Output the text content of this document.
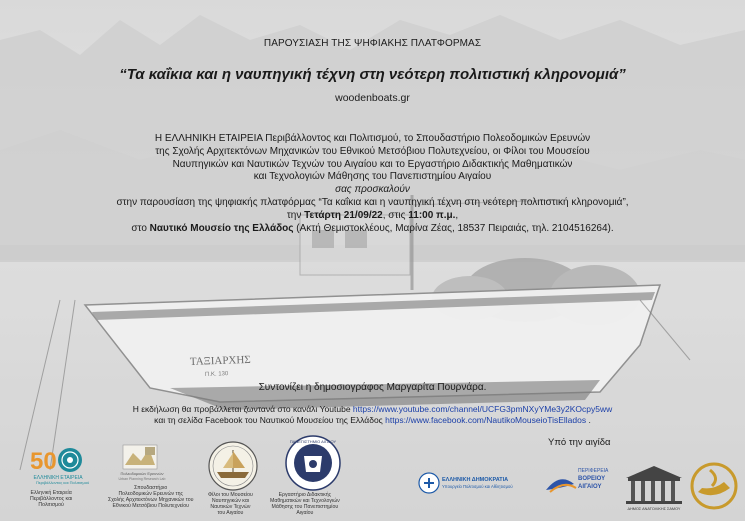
ΤΑΞΙΑΡΧΗΣ
Π.Κ. 130
ΠΑΡΟΥΣΙΑΣΗ ΤΗΣ ΨΗΦΙΑΚΗΣ ΠΛΑΤΦΟΡΜΑΣ
“Τα καΐκια και η ναυπηγική τέχνη στη νεότερη πολιτιστική κληρονομιά”
woodenboats.gr
Η ΕΛΛΗΝΙΚΗ ΕΤΑΙΡΕΙΑ Περιβάλλοντος και Πολιτισμού, το Σπουδαστήριο Πολεοδομικών Ερευνών
της Σχολής Αρχιτεκτόνων Μηχανικών του Εθνικού Μετσόβιου Πολυτεχνείου, οι Φίλοι του Μουσείου
Ναυπηγικών και Ναυτικών Τεχνών του Αιγαίου και το Εργαστήριο Διδακτικής Μαθηματικών
και Τεχνολογιών Μάθησης του Πανεπιστημίου Αιγαίου
σας προσκαλούν
στην παρουσίαση της ψηφιακής πλατφόρμας “Τα καΐκια και η ναυπηγική τέχνη στη νεότερη πολιτιστική κληρονομιά”,
την Τετάρτη 21/09/22, στις 11:00 π.μ.,
στο Ναυτικό Μουσείο της Ελλάδος (Ακτή Θεμιστοκλέους, Μαρίνα Ζέας, 18537 Πειραιάς, τηλ. 2104516264).
Συντονίζει η δημοσιογράφος Μαργαρίτα Πουρνάρα.
Η εκδήλωση θα προβάλλεται ζωντανά στο κανάλι Youtube https://www.youtube.com/channel/UCFG3pmNXyYMe3y2KOcpy5ww
και τη σελίδα Facebook του Ναυτικού Μουσείου της Ελλάδος https://www.facebook.com/NautikoMouseioTisEllados .
Υπό την αιγίδα
50
ΕΛΛΗΝΙΚΗ ΕΤΑΙΡΕΙΑ
Περιβάλλοντος και Πολιτισμού
Ελληνική Εταιρεία
Περιβάλλοντος και
Πολιτισμού
Πολεοδομικών Ερευνών
Urban Planning Research Lab
Σπουδαστήριο
Πολεοδομικών Ερευνών της
Σχολής Αρχιτεκτόνων Μηχανικών του
Εθνικού Μετσόβιου Πολυτεχνείου
Φίλοι του Μουσείου
Ναυπηγικών και
Ναυτικών Τεχνών
του Αιγαίου
ΠΑΝΕΠΙΣΤΗΜΙΟ ΑΙΓΑΙΟΥ
Εργαστήριο Διδακτικής
Μαθηματικών και Τεχνολογιών
Μάθησης του Πανεπιστημίου
Αιγαίου
ΕΛΛΗΝΙΚΗ ΔΗΜΟΚΡΑΤΙΑ
Υπουργείο Πολιτισμού και Αθλητισμού
ΠΕΡΙΦΕΡΕΙΑ
ΒΟΡΕΙΟΥ
ΑΙΓΑΙΟΥ
ΔΗΜΟΣ ΑΝΑΤΟΛΙΚΗΣ ΣΑΜΟΥ
